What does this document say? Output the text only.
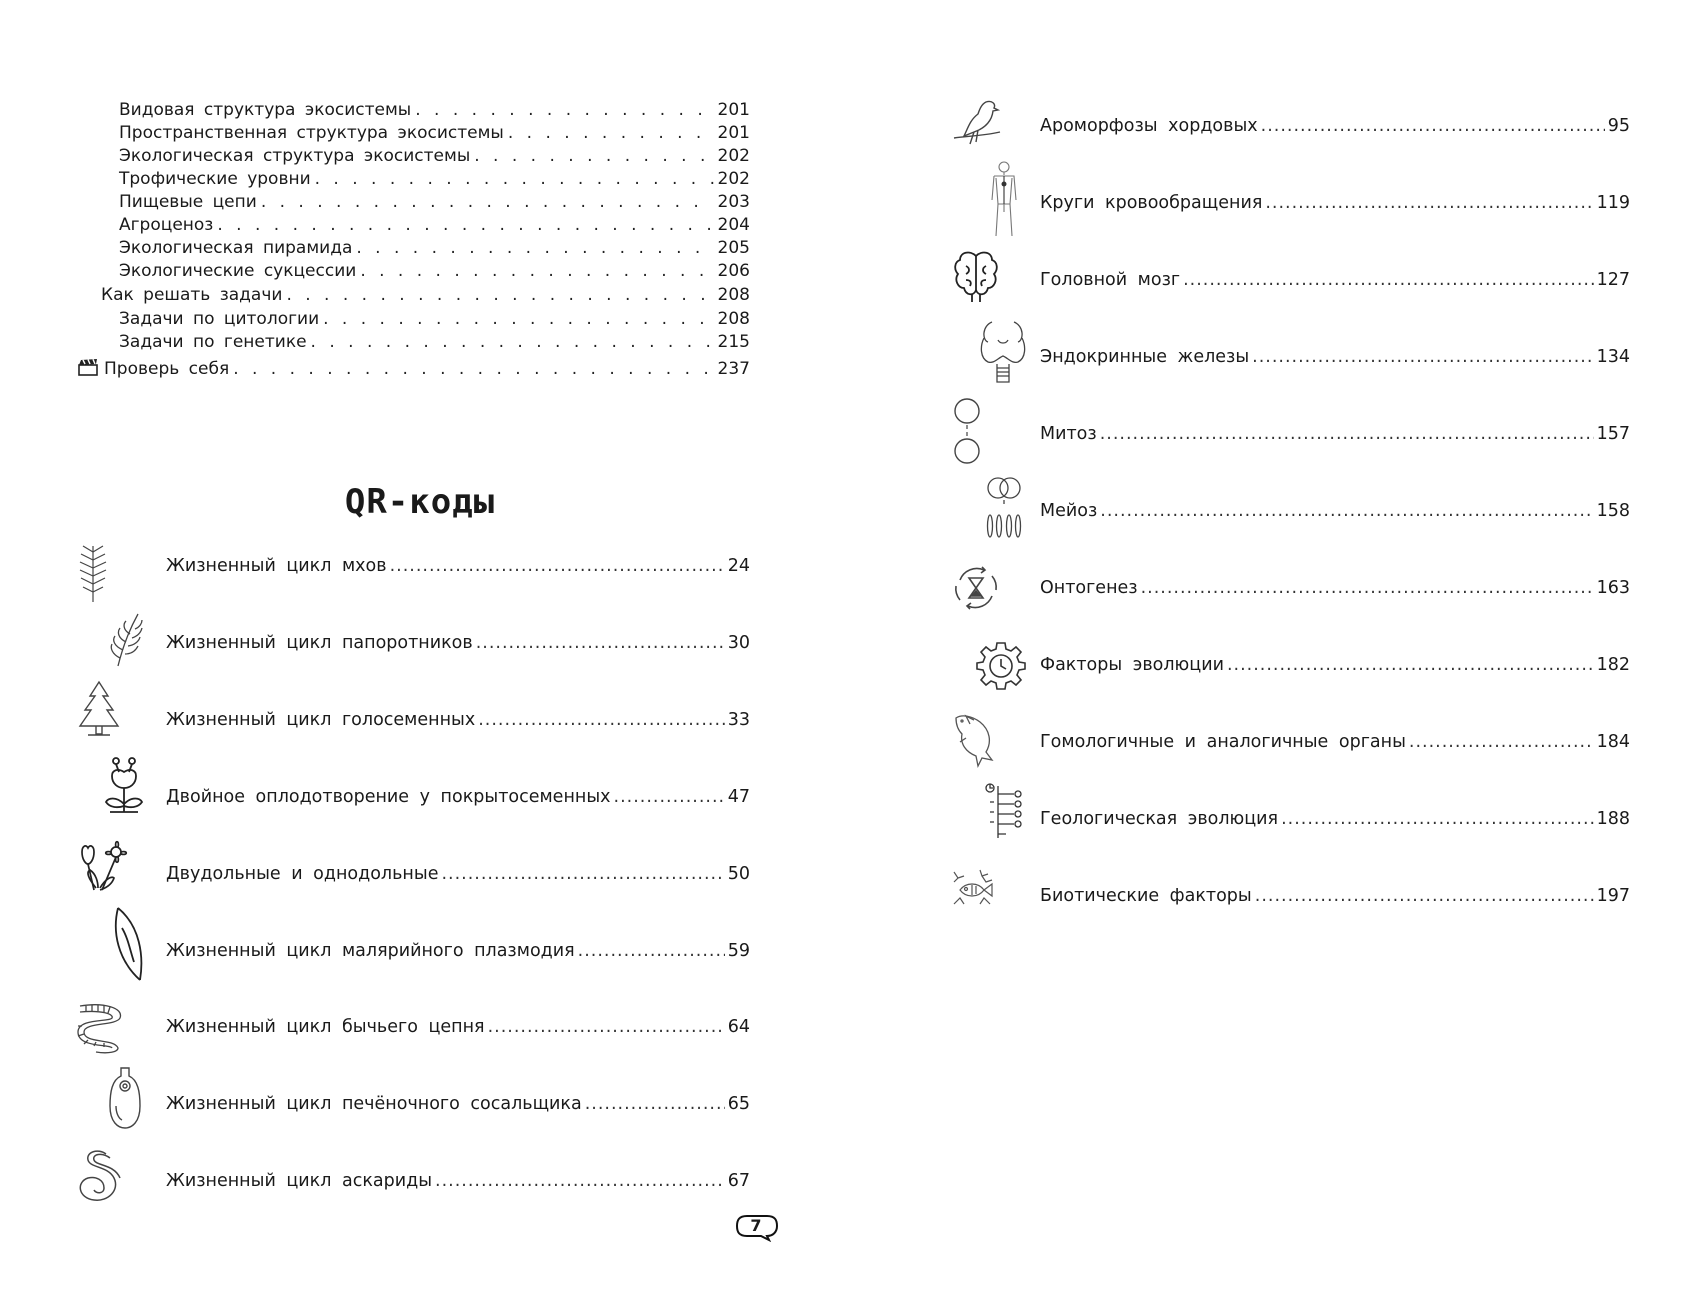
Видовая структура экосистемы . . .	201
Пространственная структура экосистемы . . .	201
Экологическая структура экосистемы . . .	202
Трофические уровни . . .	202
Пищевые цепи . . .	203
Агроценоз . . .	204
Экологическая пирамида . . .	205
Экологические сукцессии . . .	206
Как решать задачи . . .	208
Задачи по цитологии . . .	208
Задачи по генетике . . .	215
Проверь себя . . .	237
QR-коды
Жизненный цикл мхов .....	24
Жизненный цикл папоротников .....	30
Жизненный цикл голосеменных .....	33
Двойное оплодотворение у покрытосеменных .....	47
Двудольные и однодольные .....	50
Жизненный цикл малярийного плазмодия .....	59
Жизненный цикл бычьего цепня .....	64
Жизненный цикл печёночного сосальщика .....	65
Жизненный цикл аскариды .....	67
Ароморфозы хордовых .....	95
Круги кровообращения .....	119
Головной мозг .....	127
Эндокринные железы .....	134
Митоз .....	157
Мейоз .....	158
Онтогенез .....	163
Факторы эволюции .....	182
Гомологичные и аналогичные органы .....	184
Геологическая эволюция .....	188
Биотические факторы .....	197
7
